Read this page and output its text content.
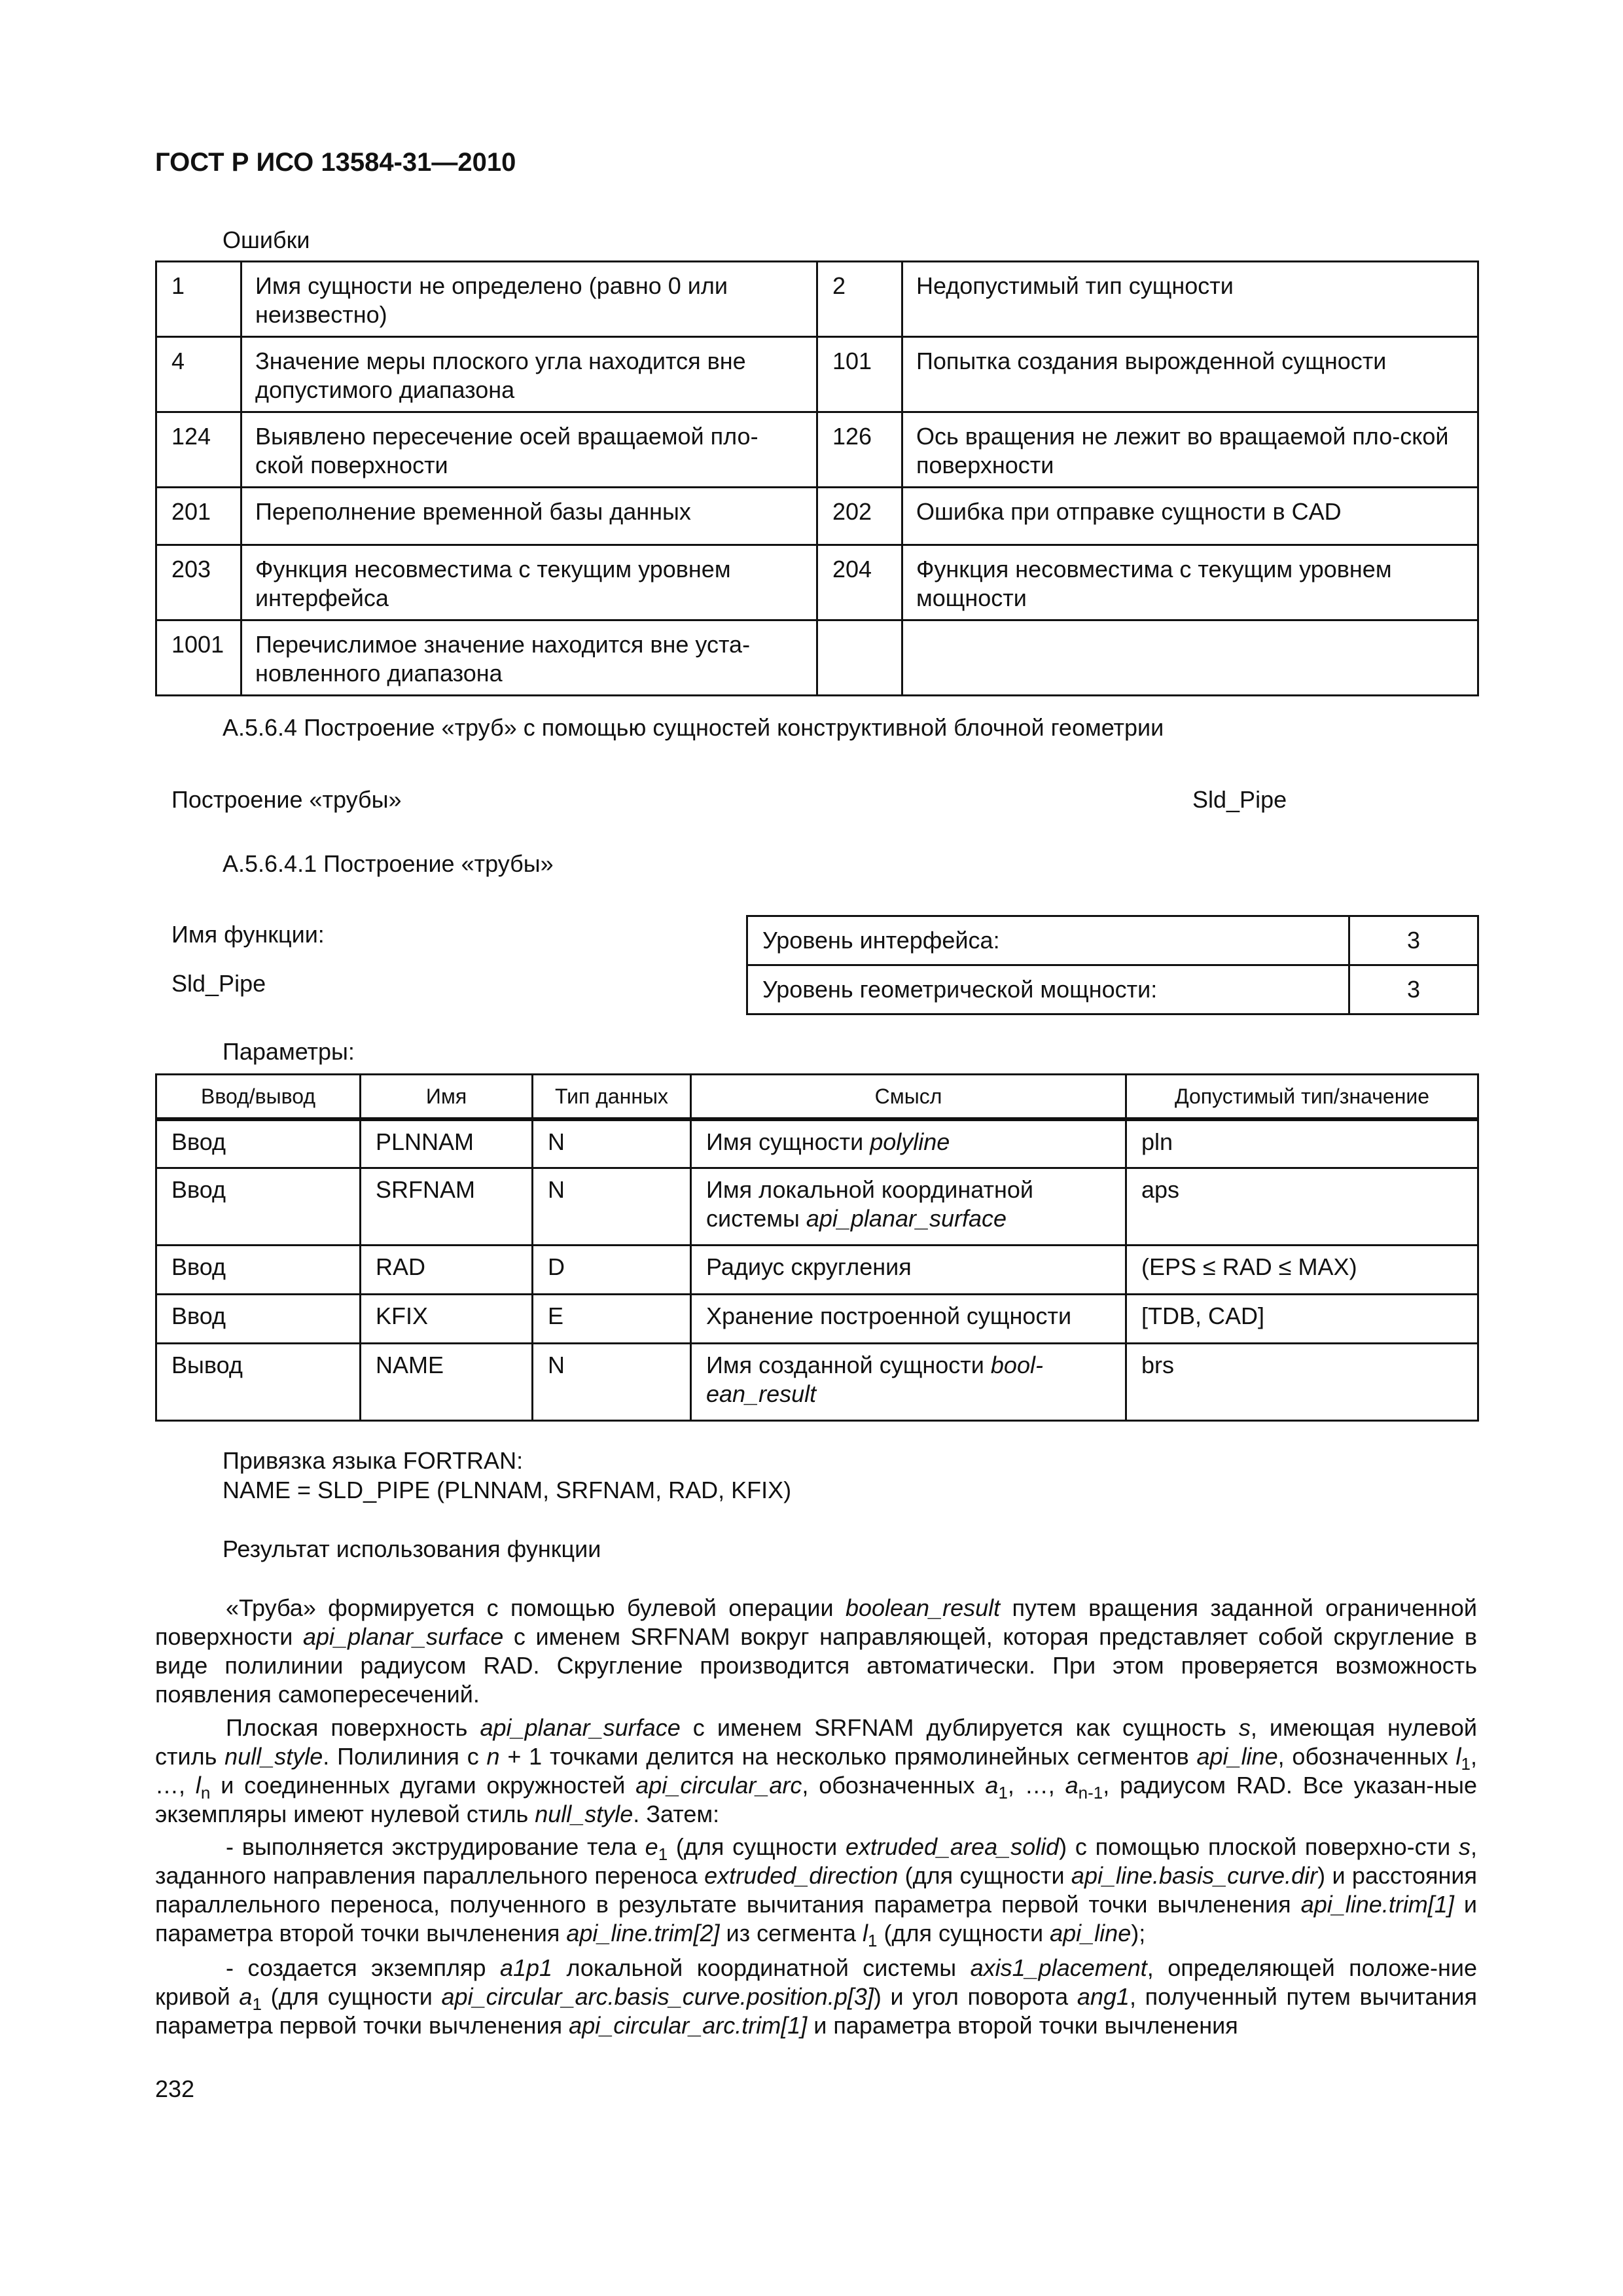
ГОСТ Р ИСО 13584-31—2010
Ошибки
1	Имя сущности не определено (равно 0 или неизвестно)	2	Недопустимый тип сущности
4	Значение меры плоского угла находится вне допустимого диапазона	101	Попытка создания вырожденной сущности
124	Выявлено пересечение осей вращаемой пло-ской поверхности	126	Ось вращения не лежит во вращаемой пло-ской поверхности
201	Переполнение временной базы данных	202	Ошибка при отправке сущности в CAD
203	Функция несовместима с текущим уровнем интерфейса	204	Функция несовместима с текущим уровнем мощности
1001	Перечислимое значение находится вне уста-новленного диапазона		
А.5.6.4 Построение «труб» с помощью сущностей конструктивной блочной геометрии
Построение «трубы»	Sld_Pipe
А.5.6.4.1 Построение «трубы»
Имя функции:
Sld_Pipe
Уровень интерфейса:	3
Уровень геометрической мощности:	3
Параметры:
Ввод/вывод	Имя	Тип данных	Смысл	Допустимый тип/значение
Ввод	PLNNAM	N	Имя сущности polyline	pln
Ввод	SRFNAM	N	Имя локальной координатной системы api_planar_surface	aps
Ввод	RAD	D	Радиус скругления	(EPS ≤ RAD ≤ MAX)
Ввод	KFIX	E	Хранение построенной сущности	[TDB, CAD]
Вывод	NAME	N	Имя созданной сущности bool-ean_result	brs
Привязка языка FORTRAN:
NAME = SLD_PIPE (PLNNAM, SRFNAM, RAD, KFIX)
Результат использования функции
«Труба» формируется с помощью булевой операции boolean_result путем вращения заданной ограниченной поверхности api_planar_surface с именем SRFNAM вокруг направляющей, которая представляет собой скругление в виде полилинии радиусом RAD. Скругление производится автоматически. При этом проверяется возможность появления самопересечений.
Плоская поверхность api_planar_surface с именем SRFNAM дублируется как сущность s, имеющая нулевой стиль null_style. Полилиния с n + 1 точками делится на несколько прямолинейных сегментов api_line, обозначенных $l_1$, …, $l_n$ и соединенных дугами окружностей api_circular_arc, обозначенных $a_1$, …, $a_{n-1}$, радиусом RAD. Все указан-ные экземпляры имеют нулевой стиль null_style. Затем:
- выполняется экструдирование тела $e_1$ (для сущности extruded_area_solid) с помощью плоской поверхно-сти s, заданного направления параллельного переноса extruded_direction (для сущности api_line.basis_curve.dir) и расстояния параллельного переноса, полученного в результате вычитания параметра первой точки вычленения api_line.trim[1] и параметра второй точки вычленения api_line.trim[2] из сегмента $l_1$ (для сущности api_line);
- создается экземпляр a1p1 локальной координатной системы axis1_placement, определяющей положе-ние кривой $a_1$ (для сущности api_circular_arc.basis_curve.position.p[3]) и угол поворота ang1, полученный путем вычитания параметра первой точки вычленения api_circular_arc.trim[1] и параметра второй точки вычленения
232
